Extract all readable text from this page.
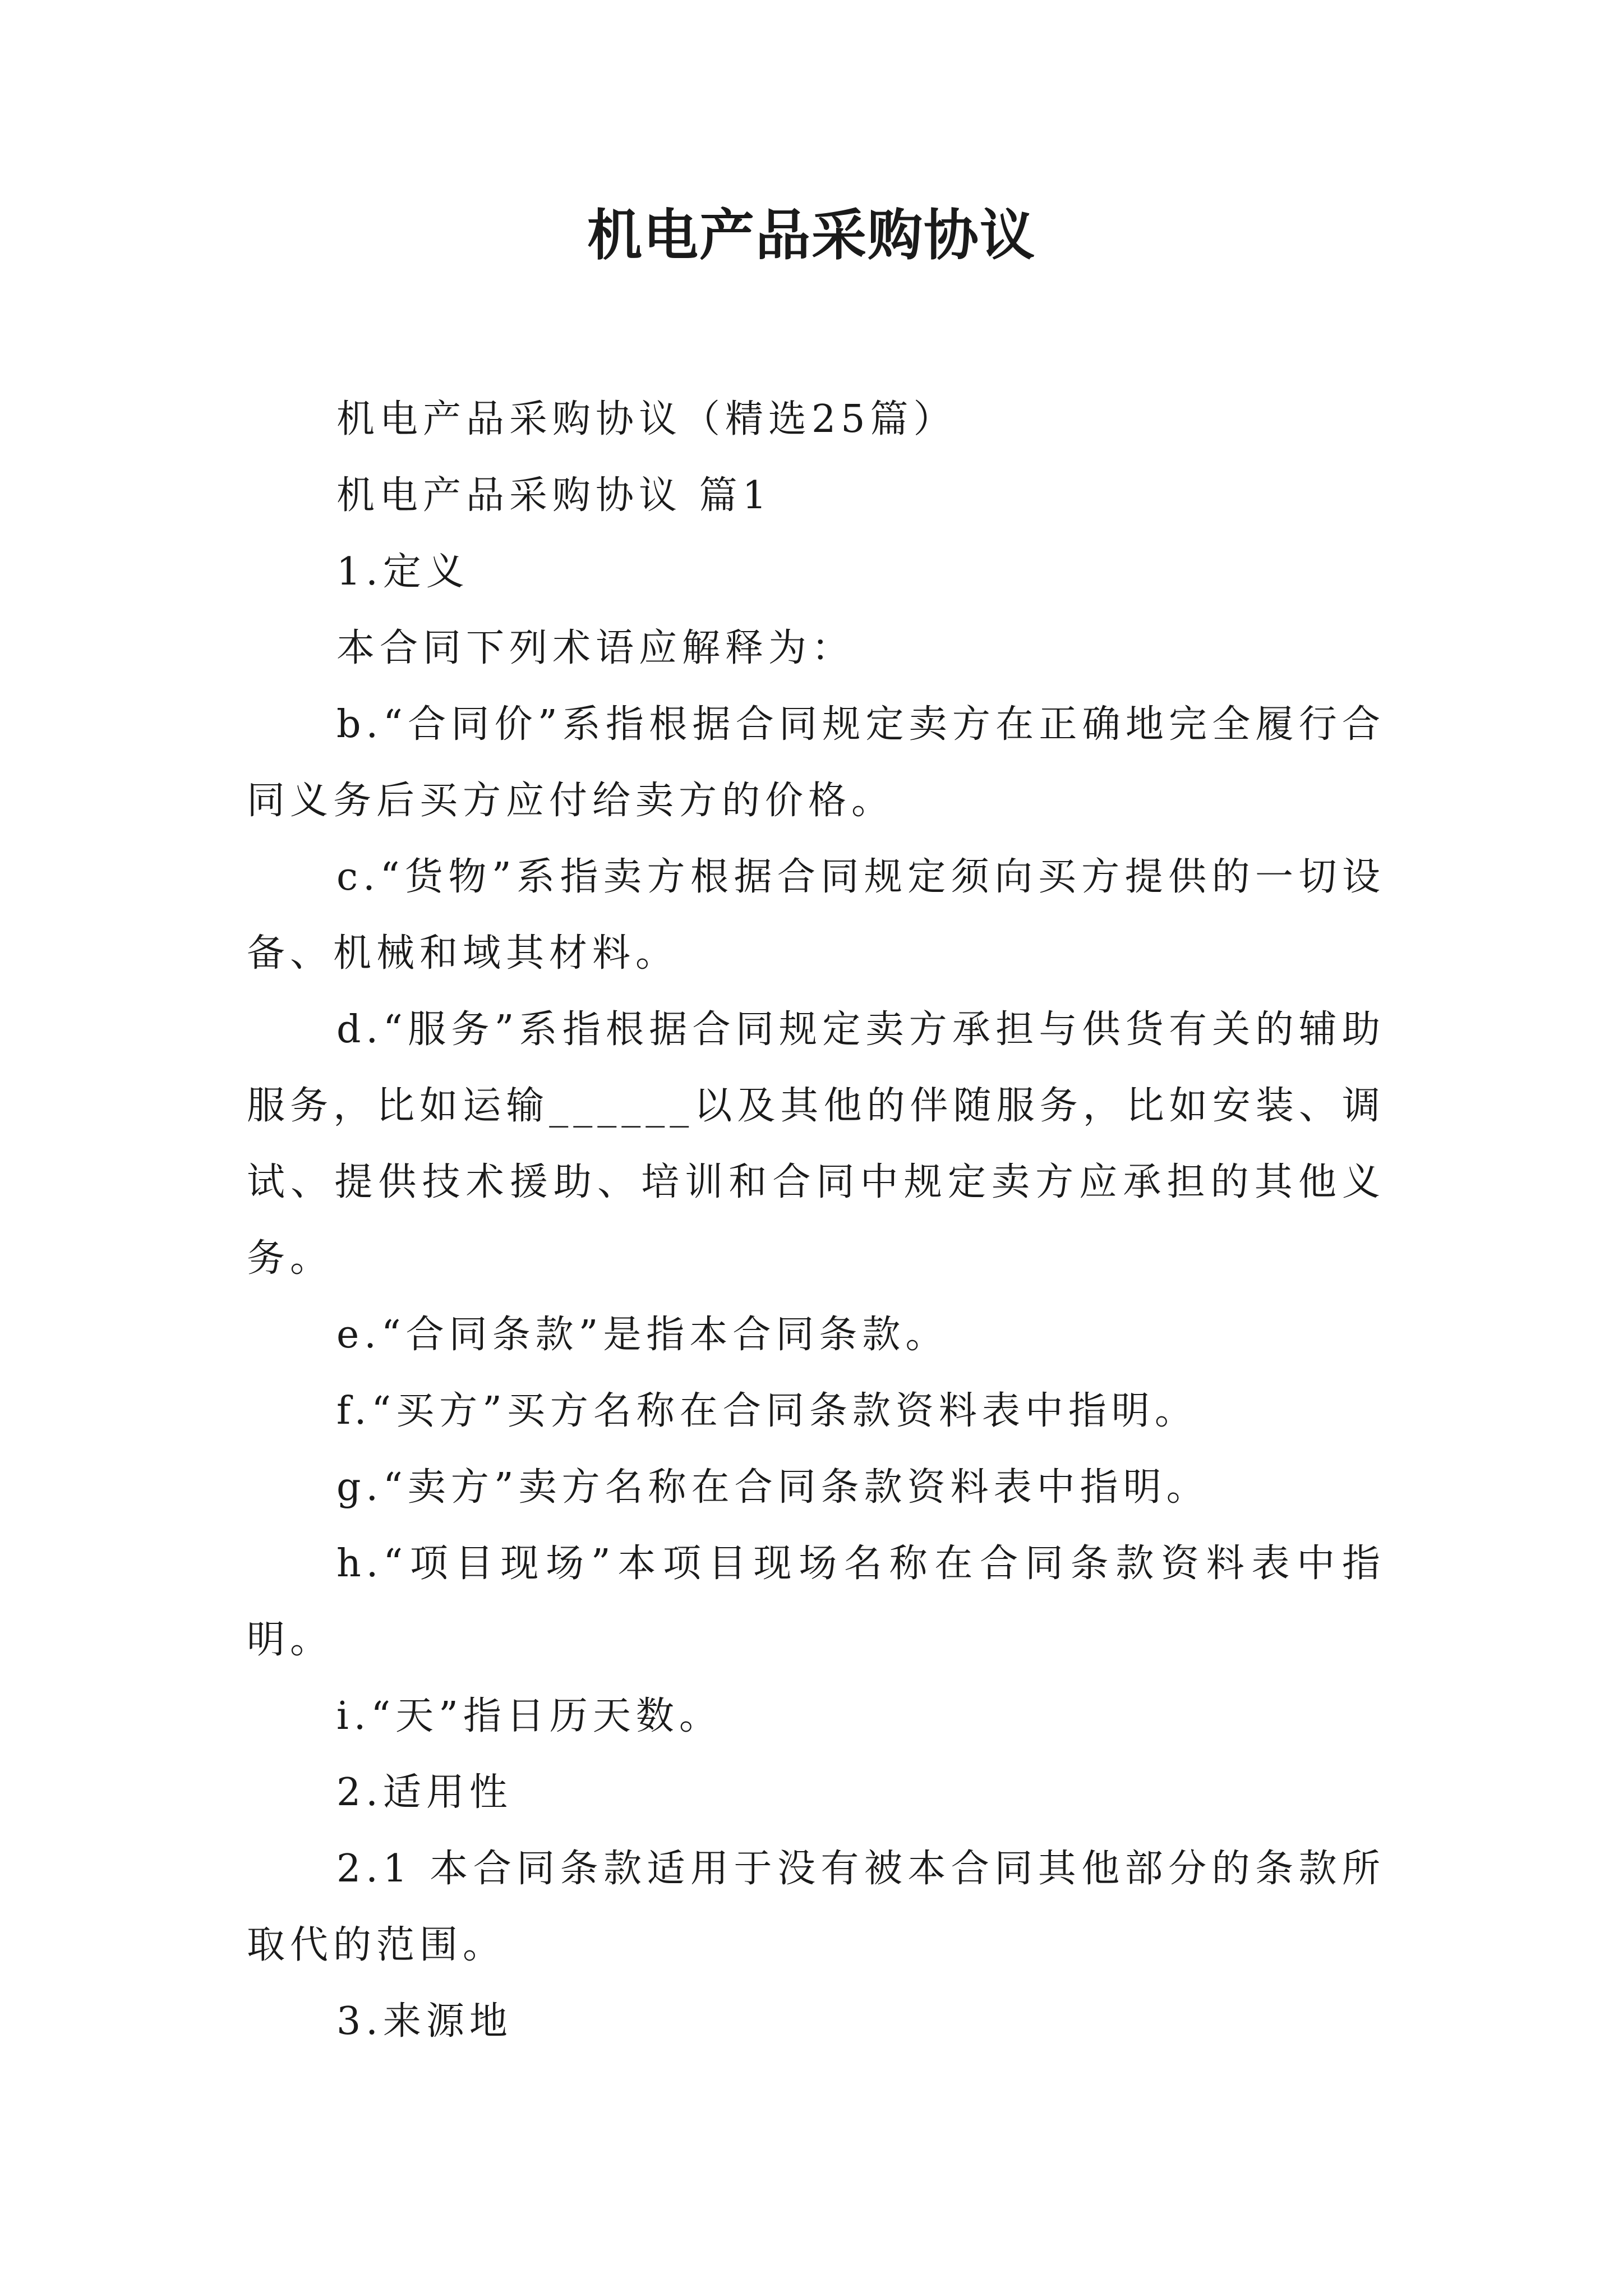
机电产品采购协议

机电产品采购协议（精选25篇）

机电产品采购协议 篇1

1.定义

本合同下列术语应解释为：

b.“合同价”系指根据合同规定卖方在正确地完全履行合同义务后买方应付给卖方的价格。

c.“货物”系指卖方根据合同规定须向买方提供的一切设备、机械和域其材料。

d.“服务”系指根据合同规定卖方承担与供货有关的辅助服务，比如运输______以及其他的伴随服务，比如安装、调试、提供技术援助、培训和合同中规定卖方应承担的其他义务。

e.“合同条款”是指本合同条款。

f.“买方”买方名称在合同条款资料表中指明。

g.“卖方”卖方名称在合同条款资料表中指明。

h.“项目现场”本项目现场名称在合同条款资料表中指明。

i.“天”指日历天数。

2.适用性

2.1 本合同条款适用于没有被本合同其他部分的条款所取代的范围。

3.来源地
